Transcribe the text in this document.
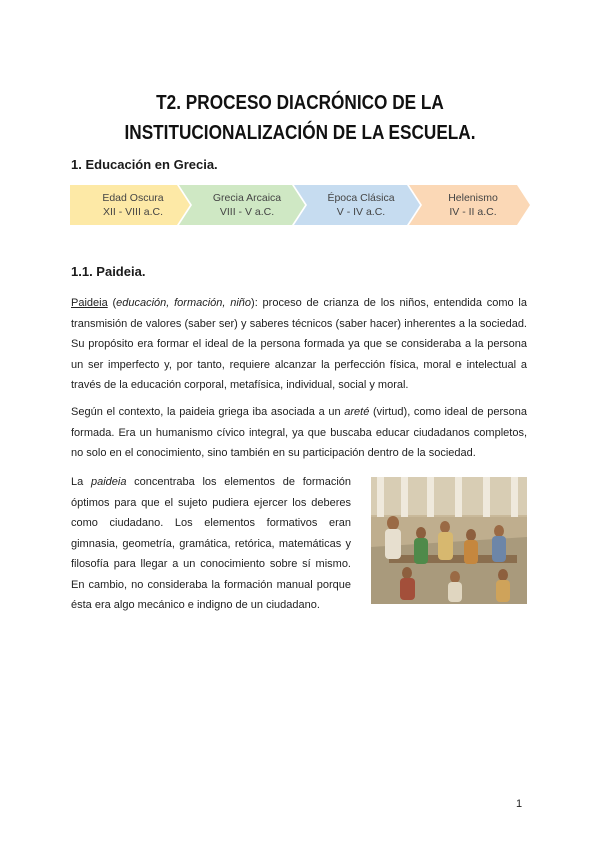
T2. PROCESO DIACRÓNICO DE LA
INSTITUCIONALIZACIÓN DE LA ESCUELA.
1. Educación en Grecia.
Edad Oscura
XII - VIII a.C.
Grecia Arcaica
VIII - V a.C.
Época Clásica
V - IV a.C.
Helenismo
IV - II a.C.
1.1. Paideia.
Paideia (educación, formación, niño): proceso de crianza de los niños, entendida como la transmisión de valores (saber ser) y saberes técnicos (saber hacer) inherentes a la sociedad. Su propósito era formar el ideal de la persona formada ya que se consideraba a la persona un ser imperfecto y, por tanto, requiere alcanzar la perfección física, moral e intelectual a través de la educación corporal, metafísica, individual, social y moral.
Según el contexto, la paideia griega iba asociada a un areté (virtud), como ideal de persona formada. Era un humanismo cívico integral, ya que buscaba educar ciudadanos completos, no solo en el conocimiento, sino también en su participación dentro de la sociedad.
La paideia concentraba los elementos de formación óptimos para que el sujeto pudiera ejercer los deberes como ciudadano. Los elementos formativos eran gimnasia, geometría, gramática, retórica, matemáticas y filosofía para llegar a un conocimiento sobre sí mismo. En cambio, no consideraba la formación manual porque ésta era algo mecánico e indigno de un ciudadano.
1
